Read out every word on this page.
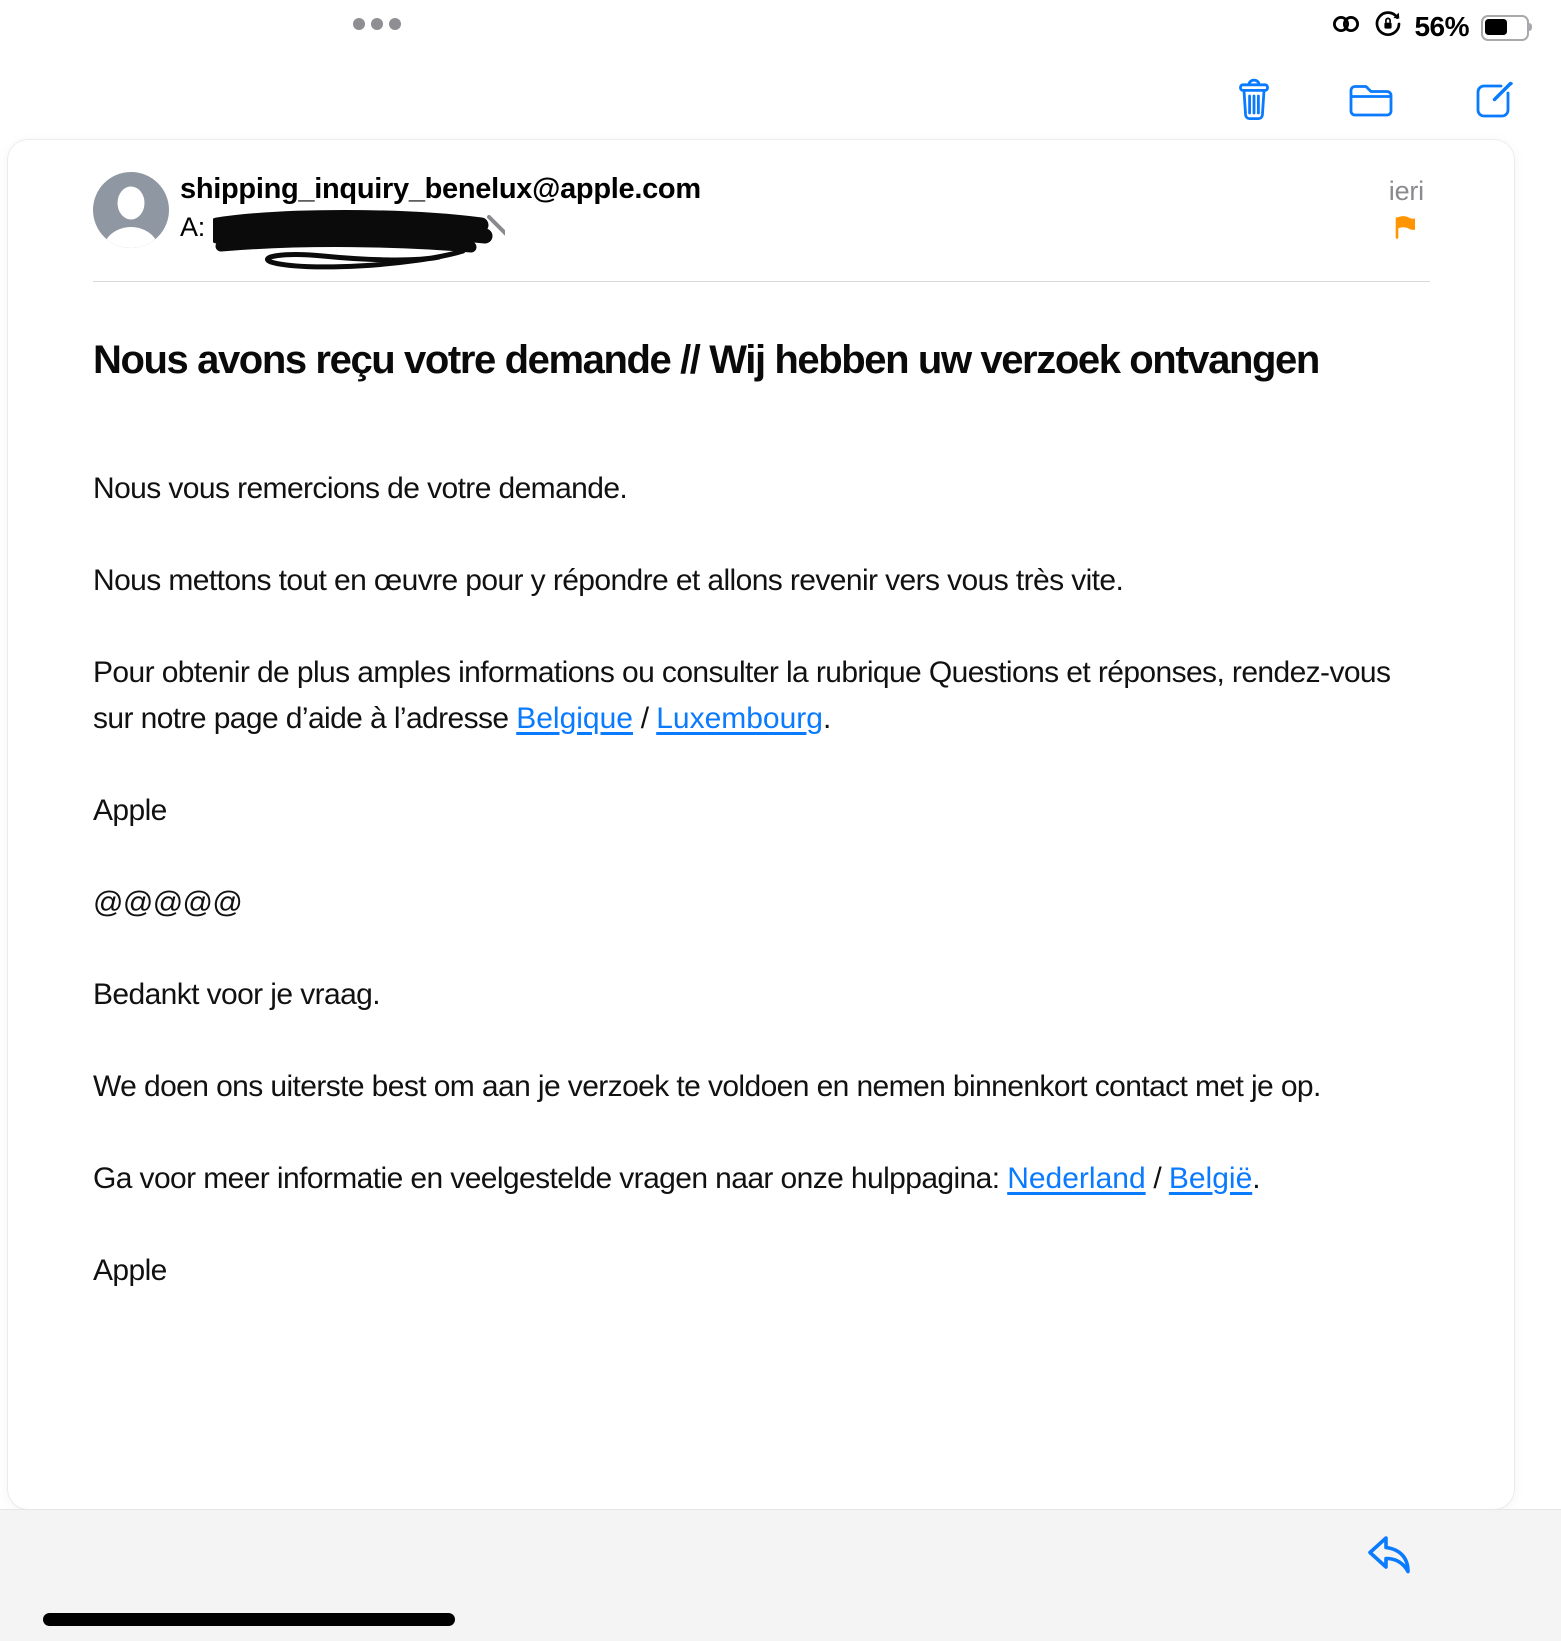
56%
shipping_inquiry_benelux@apple.com
A:
ieri
Nous avons reçu votre demande // Wij hebben uw verzoek ontvangen

Nous vous remercions de votre demande.

Nous mettons tout en œuvre pour y répondre et allons revenir vers vous très vite.

Pour obtenir de plus amples informations ou consulter la rubrique Questions et réponses, rendez-vous sur notre page d’aide à l’adresse Belgique / Luxembourg.

Apple

@@@@@

Bedankt voor je vraag.

We doen ons uiterste best om aan je verzoek te voldoen en nemen binnenkort contact met je op.

Ga voor meer informatie en veelgestelde vragen naar onze hulppagina: Nederland / België.

Apple
